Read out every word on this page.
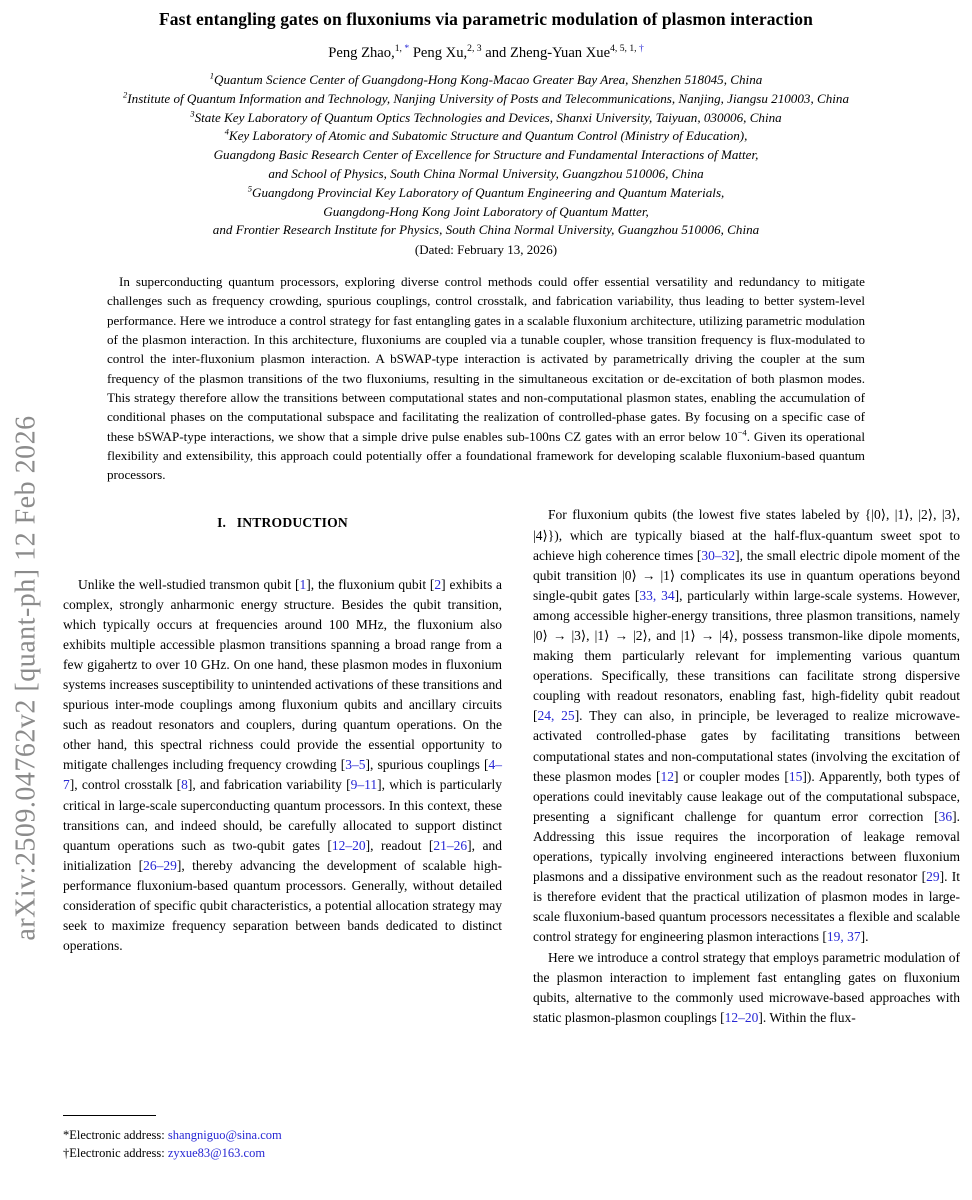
arXiv:2509.04762v2 [quant-ph] 12 Feb 2026
Fast entangling gates on fluxoniums via parametric modulation of plasmon interaction
Peng Zhao,$^{1,}$ * Peng Xu,$^{2, 3}$ and Zheng-Yuan Xue$^{4, 5, 1,}$ †
$^1$Quantum Science Center of Guangdong-Hong Kong-Macao Greater Bay Area, Shenzhen 518045, China
$^2$Institute of Quantum Information and Technology, Nanjing University of Posts and Telecommunications, Nanjing, Jiangsu 210003, China
$^3$State Key Laboratory of Quantum Optics Technologies and Devices, Shanxi University, Taiyuan, 030006, China
$^4$Key Laboratory of Atomic and Subatomic Structure and Quantum Control (Ministry of Education),
Guangdong Basic Research Center of Excellence for Structure and Fundamental Interactions of Matter,
and School of Physics, South China Normal University, Guangzhou 510006, China
$^5$Guangdong Provincial Key Laboratory of Quantum Engineering and Quantum Materials,
Guangdong-Hong Kong Joint Laboratory of Quantum Matter,
and Frontier Research Institute for Physics, South China Normal University, Guangzhou 510006, China
(Dated: February 13, 2026)
In superconducting quantum processors, exploring diverse control methods could offer essential versatility and redundancy to mitigate challenges such as frequency crowding, spurious couplings, control crosstalk, and fabrication variability, thus leading to better system-level performance. Here we introduce a control strategy for fast entangling gates in a scalable fluxonium architecture, utilizing parametric modulation of the plasmon interaction. In this architecture, fluxoniums are coupled via a tunable coupler, whose transition frequency is flux-modulated to control the inter-fluxonium plasmon interaction. A bSWAP-type interaction is activated by parametrically driving the coupler at the sum frequency of the plasmon transitions of the two fluxoniums, resulting in the simultaneous excitation or de-excitation of both plasmon modes. This strategy therefore allow the transitions between computational states and non-computational plasmon states, enabling the accumulation of conditional phases on the computational subspace and facilitating the realization of controlled-phase gates. By focusing on a specific case of these bSWAP-type interactions, we show that a simple drive pulse enables sub-100ns CZ gates with an error below $10^{-4}$. Given its operational flexibility and extensibility, this approach could potentially offer a foundational framework for developing scalable fluxonium-based quantum processors.
I. INTRODUCTION

Unlike the well-studied transmon qubit [1], the fluxonium qubit [2] exhibits a complex, strongly anharmonic energy structure. Besides the qubit transition, which typically occurs at frequencies around 100 MHz, the fluxonium also exhibits multiple accessible plasmon transitions spanning a broad range from a few gigahertz to over 10 GHz. On one hand, these plasmon modes in fluxonium systems increases susceptibility to unintended activations of these transitions and spurious inter-mode couplings among fluxonium qubits and ancillary circuits such as readout resonators and couplers, during quantum operations. On the other hand, this spectral richness could provide the essential opportunity to mitigate challenges including frequency crowding [3–5], spurious couplings [4–7], control crosstalk [8], and fabrication variability [9–11], which is particularly critical in large-scale superconducting quantum processors. In this context, these transitions can, and indeed should, be carefully allocated to support distinct quantum operations such as two-qubit gates [12–20], readout [21–26], and initialization [26–29], thereby advancing the development of scalable high-performance fluxonium-based quantum processors. Generally, without detailed consideration of specific qubit characteristics, a potential allocation strategy may seek to maximize frequency separation between bands dedicated to distinct operations.

*Electronic address: shangniguo@sina.com

†Electronic address: zyxue83@163.com

For fluxonium qubits (the lowest five states labeled by {|0⟩, |1⟩, |2⟩, |3⟩, |4⟩}), which are typically biased at the half-flux-quantum sweet spot to achieve high coherence times [30–32], the small electric dipole moment of the qubit transition |0⟩ → |1⟩ complicates its use in quantum operations beyond single-qubit gates [33, 34], particularly within large-scale systems. However, among accessible higher-energy transitions, three plasmon transitions, namely |0⟩ → |3⟩, |1⟩ → |2⟩, and |1⟩ → |4⟩, possess transmon-like dipole moments, making them particularly relevant for implementing various quantum operations. Specifically, these transitions can facilitate strong dispersive coupling with readout resonators, enabling fast, high-fidelity qubit readout [24, 25]. They can also, in principle, be leveraged to realize microwave-activated controlled-phase gates by facilitating transitions between computational states and non-computational states (involving the excitation of these plasmon modes [12] or coupler modes [15]). Apparently, both types of operations could inevitably cause leakage out of the computational subspace, presenting a significant challenge for quantum error correction [36]. Addressing this issue requires the incorporation of leakage removal operations, typically involving engineered interactions between fluxonium plasmons and a dissipative environment such as the readout resonator [29]. It is therefore evident that the practical utilization of plasmon modes in large-scale fluxonium-based quantum processors necessitates a flexible and scalable control strategy for engineering plasmon interactions [19, 37].

Here we introduce a control strategy that employs parametric modulation of the plasmon interaction to implement fast entangling gates on fluxonium qubits, alternative to the commonly used microwave-based approaches with static plasmon-plasmon couplings [12–20]. Within the flux-
